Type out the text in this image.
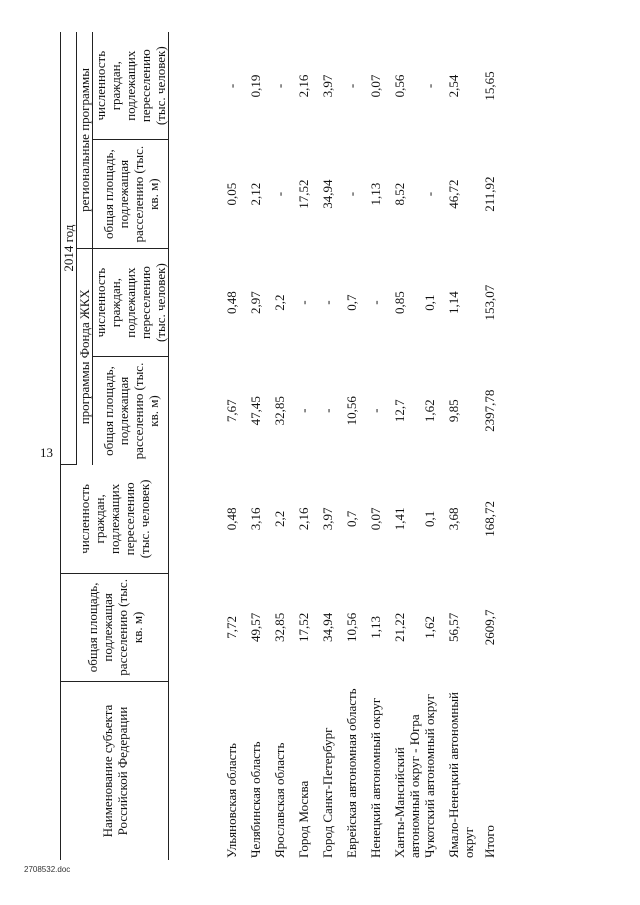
13
2708532.doc
Наименование субъекта Российской Федерации	общая площадь, подлежащая расселению (тыс. кв. м)	численность граждан, подлежащих переселению (тыс. человек)	2014 год			
			программы Фонда ЖКХ		региональные программы	
			общая площадь, подлежащая расселению (тыс. кв. м)	численность граждан, подлежащих переселению (тыс. человек)	общая площадь, подлежащая расселению (тыс. кв. м)	численность граждан, подлежащих переселению (тыс. человек)
Ульяновская область	7,72	0,48	7,67	0,48	0,05	-
Челябинская область	49,57	3,16	47,45	2,97	2,12	0,19
Ярославская область	32,85	2,2	32,85	2,2	-	-
Город Москва	17,52	2,16	-	-	17,52	2,16
Город Санкт-Петербург	34,94	3,97	-	-	34,94	3,97
Еврейская автономная область	10,56	0,7	10,56	0,7	-	-
Ненецкий автономный округ	1,13	0,07	-	-	1,13	0,07
Ханты-Мансийский автономный округ - Югра	21,22	1,41	12,7	0,85	8,52	0,56
Чукотский автономный округ	1,62	0,1	1,62	0,1	-	-
Ямало-Ненецкий автономный округ	56,57	3,68	9,85	1,14	46,72	2,54
Итого	2609,7	168,72	2397,78	153,07	211,92	15,65
